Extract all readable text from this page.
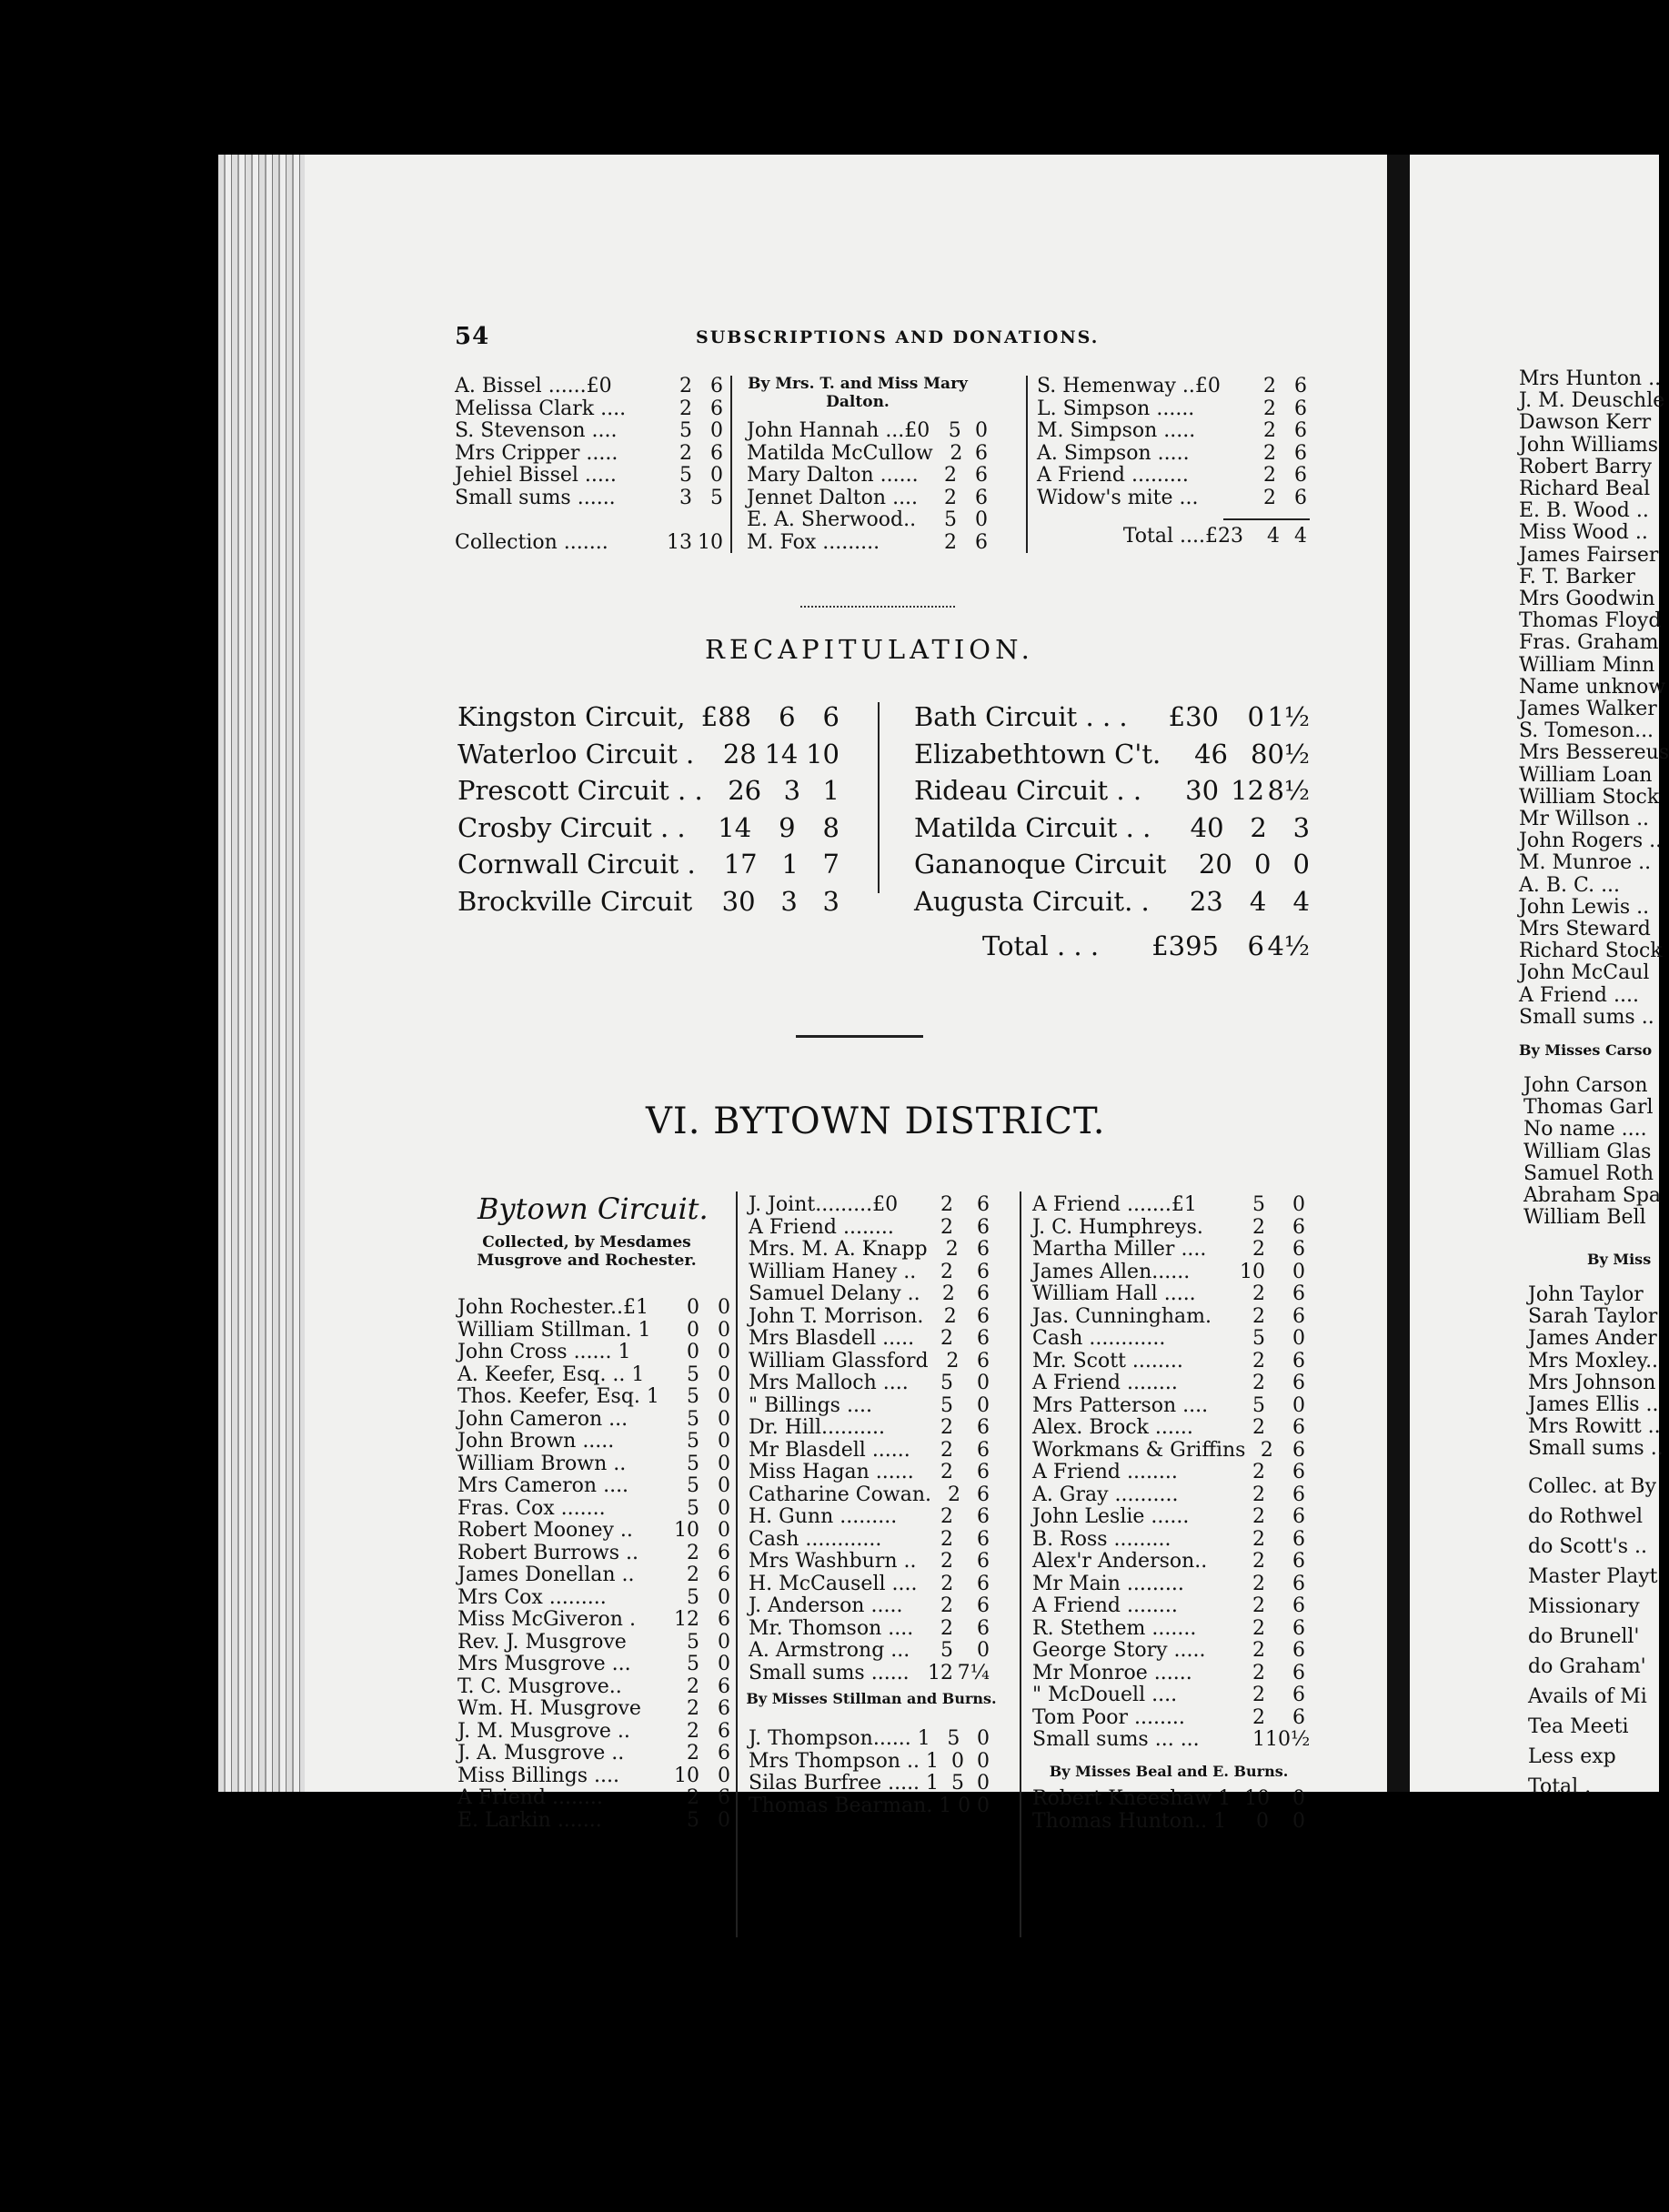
54	SUBSCRIPTIONS AND DONATIONS.
A. Bissel ......£0	2 6
Melissa Clark ....	2 6
S. Stevenson ....	5 0
Mrs Cripper .....	2 6
Jehiel Bissel .....	5 0
Small sums ......	3 5
Collection .......	13 10
By Mrs. T. and Miss Mary Dalton.
John Hannah ...£0 5 0
Matilda McCullow 2 6
Mary Dalton ......	2 6
Jennet Dalton ....	2 6
E. A. Sherwood..	5 0
M. Fox .........	2 6
S. Hemenway ..£0	2 6
L. Simpson ......	2 6
M. Simpson .....	2 6
A. Simpson .....	2 6
A Friend .........	2 6
Widow's mite ...	2 6
Total ....£23	4 4
RECAPITULATION.
Kingston Circuit, £88	6	6
Waterloo Circuit .	28 14 10
Prescott Circuit . . 26 3 1
Crosby Circuit . .	14	9	8
Cornwall Circuit .	17 1 7
Brockville Circuit	30 3 3
Bath Circuit . . .	£30	0 1½
Elizabethtown C't.	46 8 0½
Rideau Circuit . .	30 12 8½
Matilda Circuit . .	40 2 3
Gananoque Circuit	20 0 0
Augusta Circuit. .	23	4	4
Total . . .	£395	6 4½
VI. BYTOWN DISTRICT.
Bytown Circuit.
Collected, by Mesdames Musgrove and Rochester.
John Rochester..£1	0 0
William Stillman. 1	0 0
John Cross ...... 1	0 0
A. Keefer, Esq. .. 1	5 0
Thos. Keefer, Esq. 1	5 0
John Cameron ...	5 0
John Brown .....	5 0
William Brown ..	5 0
Mrs Cameron ....	5 0
Fras. Cox .......	5 0
Robert Mooney ..	10 0
Robert Burrows ..	2 6
James Donellan ..	2 6
Mrs Cox .........	5 0
Miss McGiveron .	12 6
Rev. J. Musgrove	5 0
Mrs Musgrove ...	5 0
T. C. Musgrove..	2 6
Wm. H. Musgrove	2 6
J. M. Musgrove ..	2 6
J. A. Musgrove ..	2 6
Miss Billings ....	10 0
A Friend ........	2 6
E. Larkin .......	5 0
J. Joint.........£0	2	6
A Friend ........	2	6
Mrs. M. A. Knapp 2 6
William Haney ..	2	6
Samuel Delany ..	2	6
John T. Morrison.	2	6
Mrs Blasdell .....	2	6
William Glassford 2 6
Mrs Malloch ....	5	0
" Billings ....	5	0
Dr. Hill..........	2	6
Mr Blasdell ......	2	6
Miss Hagan ......	2	6
Catharine Cowan. 2 6
H. Gunn .........	2	6
Cash ............	2	6
Mrs Washburn ..	2	6
H. McCausell ....	2	6
J. Anderson .....	2	6
Mr. Thomson ....	2	6
A. Armstrong ...	5	0
Small sums ...... 12 7¼
By Misses Stillman and Burns.
J. Thompson...... 1 5 0
Mrs Thompson .. 1 0 0
Silas Burfree ..... 1 5 0
Thomas Bearman. 1 0 0
A Friend .......£1	5	0
J. C. Humphreys.	2	6
Martha Miller ....	2	6
James Allen......	10	0
William Hall .....	2	6
Jas. Cunningham.	2	6
Cash ............	5	0
Mr. Scott ........	2	6
A Friend ........	2	6
Mrs Patterson ....	5	0
Alex. Brock ......	2	6
Workmans & Griffins 2 6
A Friend ........	2	6
A. Gray ..........	2	6
John Leslie ......	2	6
B. Ross .........	2	6
Alex'r Anderson..	2	6
Mr Main .........	2	6
A Friend ........	2	6
R. Stethem .......	2	6
George Story .....	2	6
Mr Monroe ......	2	6
" McDouell ....	2	6
Tom Poor ........	2	6
Small sums ... ...	1 10½
By Misses Beal and E. Burns.
Robert Kneeshaw 1 10	0
Thomas Hunton.. 1	0	0
Mrs Hunton ..
J. M. Deuschle
Dawson Kerr
John Williams
Robert Barry
Richard Beal
E. B. Wood ..
Miss Wood ..
James Fairser
F. T. Barker
Mrs Goodwin
Thomas Floyd
Fras. Graham
William Minn
Name unknow
James Walker
S. Tomeson...
Mrs Bessereus
William Loan
William Stock
Mr Willson ..
John Rogers ..
M. Munroe ..
A. B. C. ...
John Lewis ..
Mrs Steward
Richard Stock
John McCaul
A Friend ....
Small sums ..
By Misses Carso
John Carson
Thomas Garl
No name ....
William Glas
Samuel Roth
Abraham Spa
William Bell
By Miss
John Taylor
Sarah Taylor
James Ander
Mrs Moxley..
Mrs Johnson
James Ellis ..
Mrs Rowitt ..
Small sums ..
Collec. at By
do Rothwel
do Scott's ..
Master Playt
Missionary
do Brunell'
do Graham'
Avails of Mi
Tea Meeti
Less exp
Total .
